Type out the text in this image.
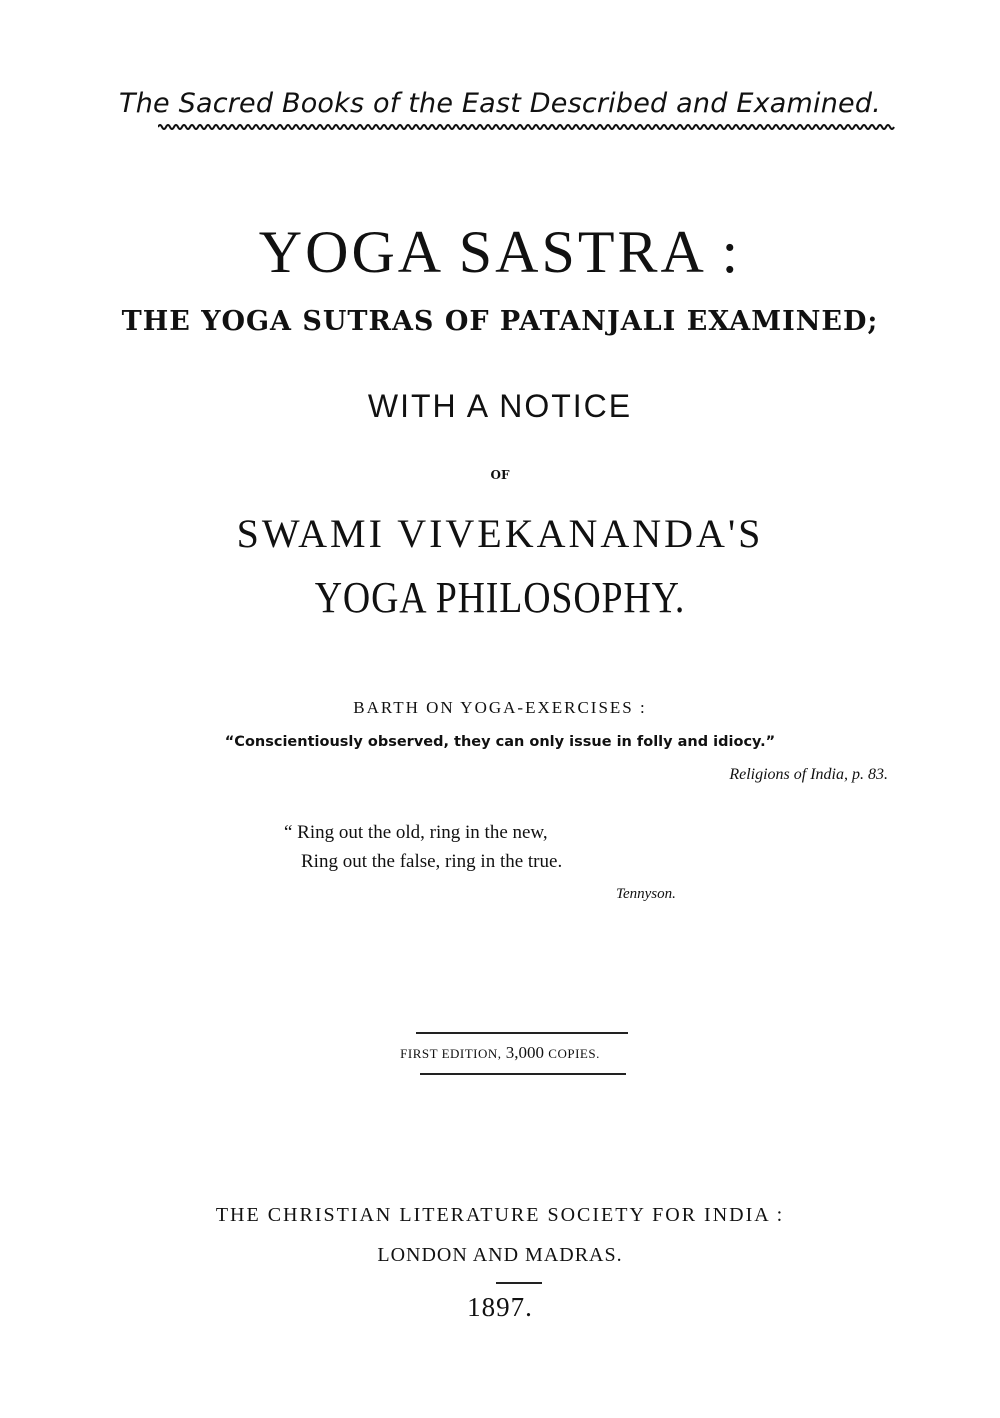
The Sacred Books of the East Described and Examined.
YOGA SASTRA :
THE YOGA SUTRAS OF PATANJALI EXAMINED;
WITH A NOTICE
OF
SWAMI VIVEKANANDA'S
YOGA PHILOSOPHY.
BARTH ON YOGA-EXERCISES :
“Conscientiously observed, they can only issue in folly and idiocy.”
Religions of India, p. 83.
“ Ring out the old, ring in the new,
Ring out the false, ring in the true.
Tennyson.
FIRST EDITION, 3,000 COPIES.
THE CHRISTIAN LITERATURE SOCIETY FOR INDIA :
LONDON AND MADRAS.
1897.
